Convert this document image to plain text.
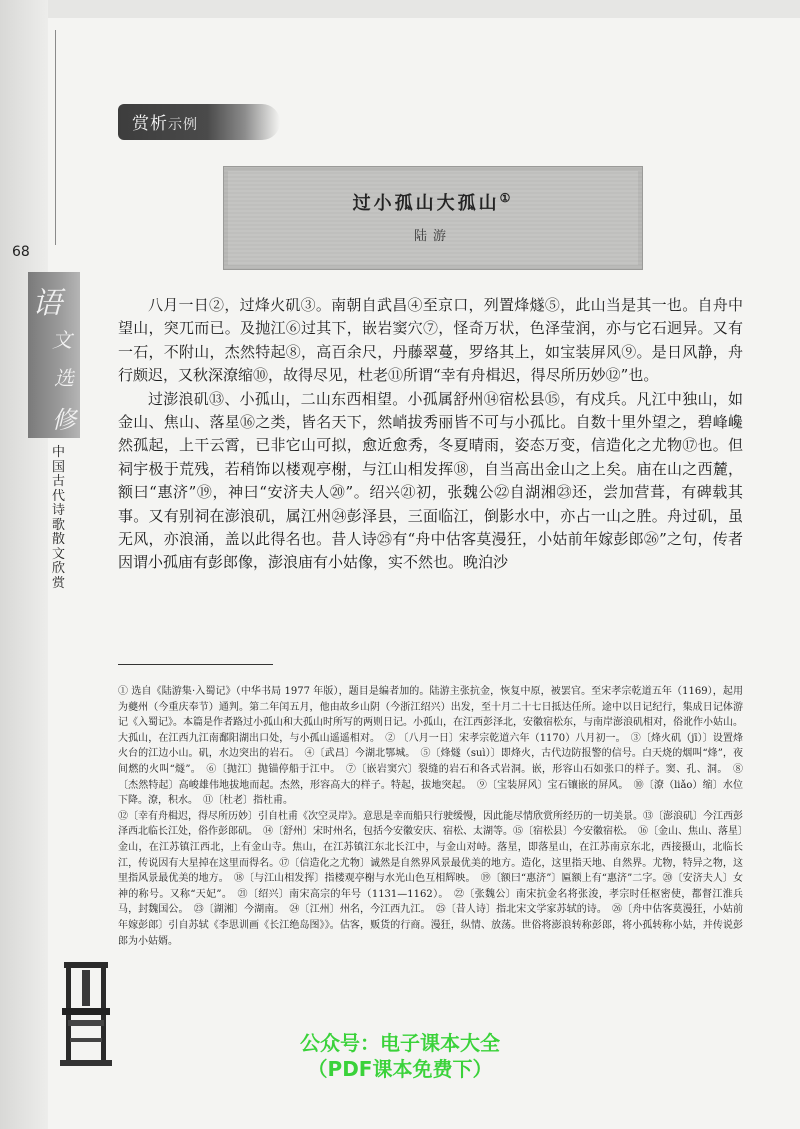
赏析示例
过小孤山大孤山①
陆游
68
语
文
选
修
中国古代诗歌散文欣赏

八月一日②，过烽火矶③。南朝自武昌④至京口，列置烽燧⑤，此山当是其一也。自舟中望山，突兀而已。及抛江⑥过其下，嵌岩窦穴⑦，怪奇万状，色泽莹润，亦与它石迥异。又有一石，不附山，杰然特起⑧，高百余尺，丹藤翠蔓，罗络其上，如宝装屏风⑨。是日风静，舟行颇迟，又秋深潦缩⑩，故得尽见，杜老⑪所谓“幸有舟楫迟，得尽所历妙⑫”也。

过澎浪矶⑬、小孤山，二山东西相望。小孤属舒州⑭宿松县⑮，有戍兵。凡江中独山，如金山、焦山、落星⑯之类，皆名天下，然峭拔秀丽皆不可与小孤比。自数十里外望之，碧峰巉然孤起，上干云霄，已非它山可拟，愈近愈秀，冬夏晴雨，姿态万变，信造化之尤物⑰也。但祠宇极于荒残，若稍饰以楼观亭榭，与江山相发挥⑱，自当高出金山之上矣。庙在山之西麓，额曰“惠济”⑲，神曰“安济夫人⑳”。绍兴㉑初，张魏公㉒自湖湘㉓还，尝加营葺，有碑载其事。又有别祠在澎浪矶，属江州㉔彭泽县，三面临江，倒影水中，亦占一山之胜。舟过矶，虽无风，亦浪涌，盖以此得名也。昔人诗㉕有“舟中估客莫漫狂，小姑前年嫁彭郎㉖”之句，传者因谓小孤庙有彭郎像，澎浪庙有小姑像，实不然也。晚泊沙

① 选自《陆游集·入蜀记》（中华书局 1977 年版），题目是编者加的。陆游主张抗金，恢复中原，被罢官。至宋孝宗乾道五年（1169），起用为夔州（今重庆奉节）通判。第二年闰五月，他由故乡山阴（今浙江绍兴）出发，至十月二十七日抵达任所。途中以日记纪行，集成日记体游记《入蜀记》。本篇是作者路过小孤山和大孤山时所写的两则日记。小孤山，在江西彭泽北，安徽宿松东，与南岸澎浪矶相对，俗讹作小姑山。大孤山，在江西九江南鄱阳湖出口处，与小孤山遥遥相对。　② 〔八月一日〕宋孝宗乾道六年（1170）八月初一。　③〔烽火矶（jī）〕设置烽火台的江边小山。矶，水边突出的岩石。　④〔武昌〕今湖北鄂城。　⑤〔烽燧（suì）〕即烽火，古代边防报警的信号。白天烧的烟叫“烽”，夜间燃的火叫“燧”。　⑥〔抛江〕抛锚停船于江中。　⑦〔嵌岩窦穴〕裂缝的岩石和各式岩洞。嵌，形容山石如张口的样子。窦、孔、洞。　⑧〔杰然特起〕高峻雄伟地拔地而起。杰然，形容高大的样子。特起，拔地突起。　⑨〔宝装屏风〕宝石镶嵌的屏风。　⑩〔潦（liǎo）缩〕水位下降。潦，积水。　⑪〔杜老〕指杜甫。
⑫〔幸有舟楫迟，得尽所历妙〕引自杜甫《次空灵岸》。意思是幸而船只行驶缓慢，因此能尽情欣赏所经历的一切美景。⑬〔澎浪矶〕今江西彭泽西北临长江处，俗作彭郎矶。　⑭〔舒州〕宋时州名，包括今安徽安庆、宿松、太湖等。⑮〔宿松县〕今安徽宿松。　⑯〔金山、焦山、落星〕金山，在江苏镇江西北，上有金山寺。焦山，在江苏镇江东北长江中，与金山对峙。落星，即落星山，在江苏南京东北，西接摄山，北临长江，传说因有大星掉在这里而得名。⑰〔信造化之尤物〕诚然是自然界风景最优美的地方。造化，这里指天地、自然界。尤物，特异之物，这里指风景最优美的地方。　⑱〔与江山相发挥〕指楼观亭榭与水光山色互相辉映。　⑲〔额曰“惠济”〕匾额上有“惠济”二字。⑳〔安济夫人〕女神的称号。又称“天妃”。　㉑〔绍兴〕南宋高宗的年号（1131—1162）。　㉒〔张魏公〕南宋抗金名将张浚，孝宗时任枢密使，都督江淮兵马，封魏国公。　㉓〔湖湘〕今湖南。　㉔〔江州〕州名，今江西九江。　㉕〔昔人诗〕指北宋文学家苏轼的诗。　㉖〔舟中估客莫漫狂，小姑前年嫁彭郎〕引自苏轼《李思训画《长江绝岛图》》。估客，贩货的行商。漫狂，纵情、放荡。世俗将澎浪转称彭郎，将小孤转称小姑，并传说彭郎为小姑婿。
公众号：电子课本大全
（PDF课本免费下）
